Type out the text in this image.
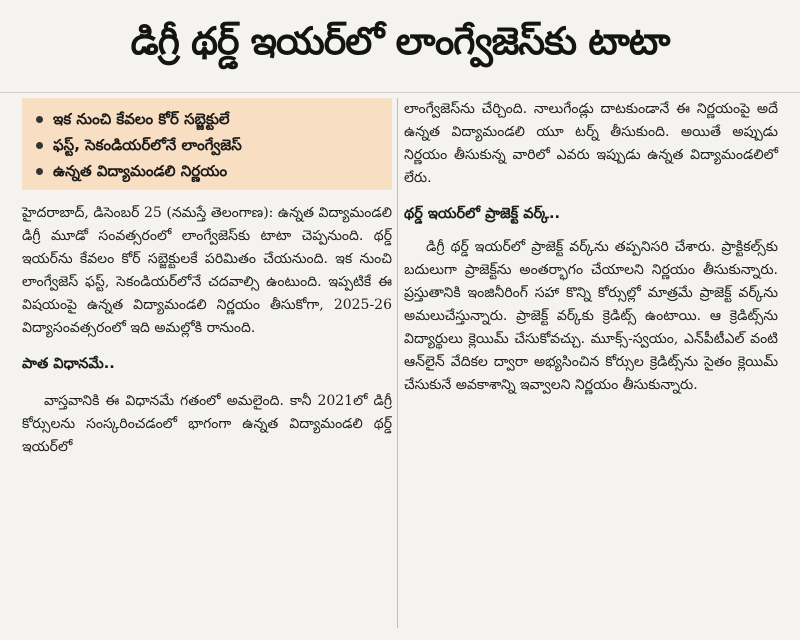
డిగ్రీ థర్డ్‌ ఇయర్‌లో లాంగ్వేజెస్‌కు టాటా
ఇక నుంచి కేవలం కోర్‌ సబ్జెక్టులే
ఫస్ట్‌, సెకండియర్‌లోనే లాంగ్వేజెస్‌
ఉన్నత విద్యామండలి నిర్ణయం

హైదరాబాద్‌, డిసెంబర్‌ 25 (నమస్తే తెలంగాణ): ఉన్నత విద్యామండలి డిగ్రీ మూడో సంవత్సరంలో లాంగ్వేజెస్‌కు టాటా చెప్పనుంది. థర్డ్‌ ఇయర్‌ను కేవలం కోర్‌ సబ్జెక్టులకే పరిమితం చేయనుంది. ఇక నుంచి లాంగ్వేజెస్‌ ఫస్ట్‌, సెకండియర్‌లోనే చదవాల్సి ఉంటుంది. ఇప్పటికే ఈ విషయంపై ఉన్నత విద్యామండలి నిర్ణయం తీసుకోగా, 2025-26 విద్యాసంవత్సరంలో ఇది అమల్లోకి రానుంది.

పాత విధానమే..

వాస్తవానికి ఈ విధానమే గతంలో అమలైంది. కానీ 2021లో డిగ్రీ కోర్సులను సంస్కరించడంలో భాగంగా ఉన్నత విద్యామండలి థర్డ్‌ ఇయర్‌లో

లాంగ్వేజెస్‌ను చేర్చింది. నాలుగేండ్లు దాటకుండానే ఈ నిర్ణయంపై అదే ఉన్నత విద్యామండలి యూ టర్న్‌ తీసుకుంది. అయితే అప్పుడు నిర్ణయం తీసుకున్న వారిలో ఎవరు ఇప్పుడు ఉన్నత విద్యామండలిలో లేరు.

థర్డ్‌ ఇయర్‌లో ప్రాజెక్ట్‌ వర్క్‌..

డిగ్రీ థర్డ్‌ ఇయర్‌లో ప్రాజెక్ట్‌ వర్క్‌ను తప్పనిసరి చేశారు. ప్రాక్టికల్స్‌కు బదులుగా ప్రాజెక్ట్‌ను అంతర్భాగం చేయాలని నిర్ణయం తీసుకున్నారు. ప్రస్తుతానికి ఇంజినీరింగ్‌ సహా కొన్ని కోర్సుల్లో మాత్రమే ప్రాజెక్ట్‌ వర్క్‌ను అమలుచేస్తున్నారు. ప్రాజెక్ట్‌ వర్క్‌కు క్రెడిట్స్‌ ఉంటాయి. ఆ క్రెడిట్స్‌ను విద్యార్థులు క్లెయిమ్‌ చేసుకోవచ్చు. మూక్స్‌-స్వయం, ఎన్‌పీటీఎల్‌ వంటి ఆన్‌లైన్‌ వేదికల ద్వారా అభ్యసించిన కోర్సుల క్రెడిట్స్‌ను సైతం క్లెయిమ్‌ చేసుకునే అవకాశాన్ని ఇవ్వాలని నిర్ణయం తీసుకున్నారు.
